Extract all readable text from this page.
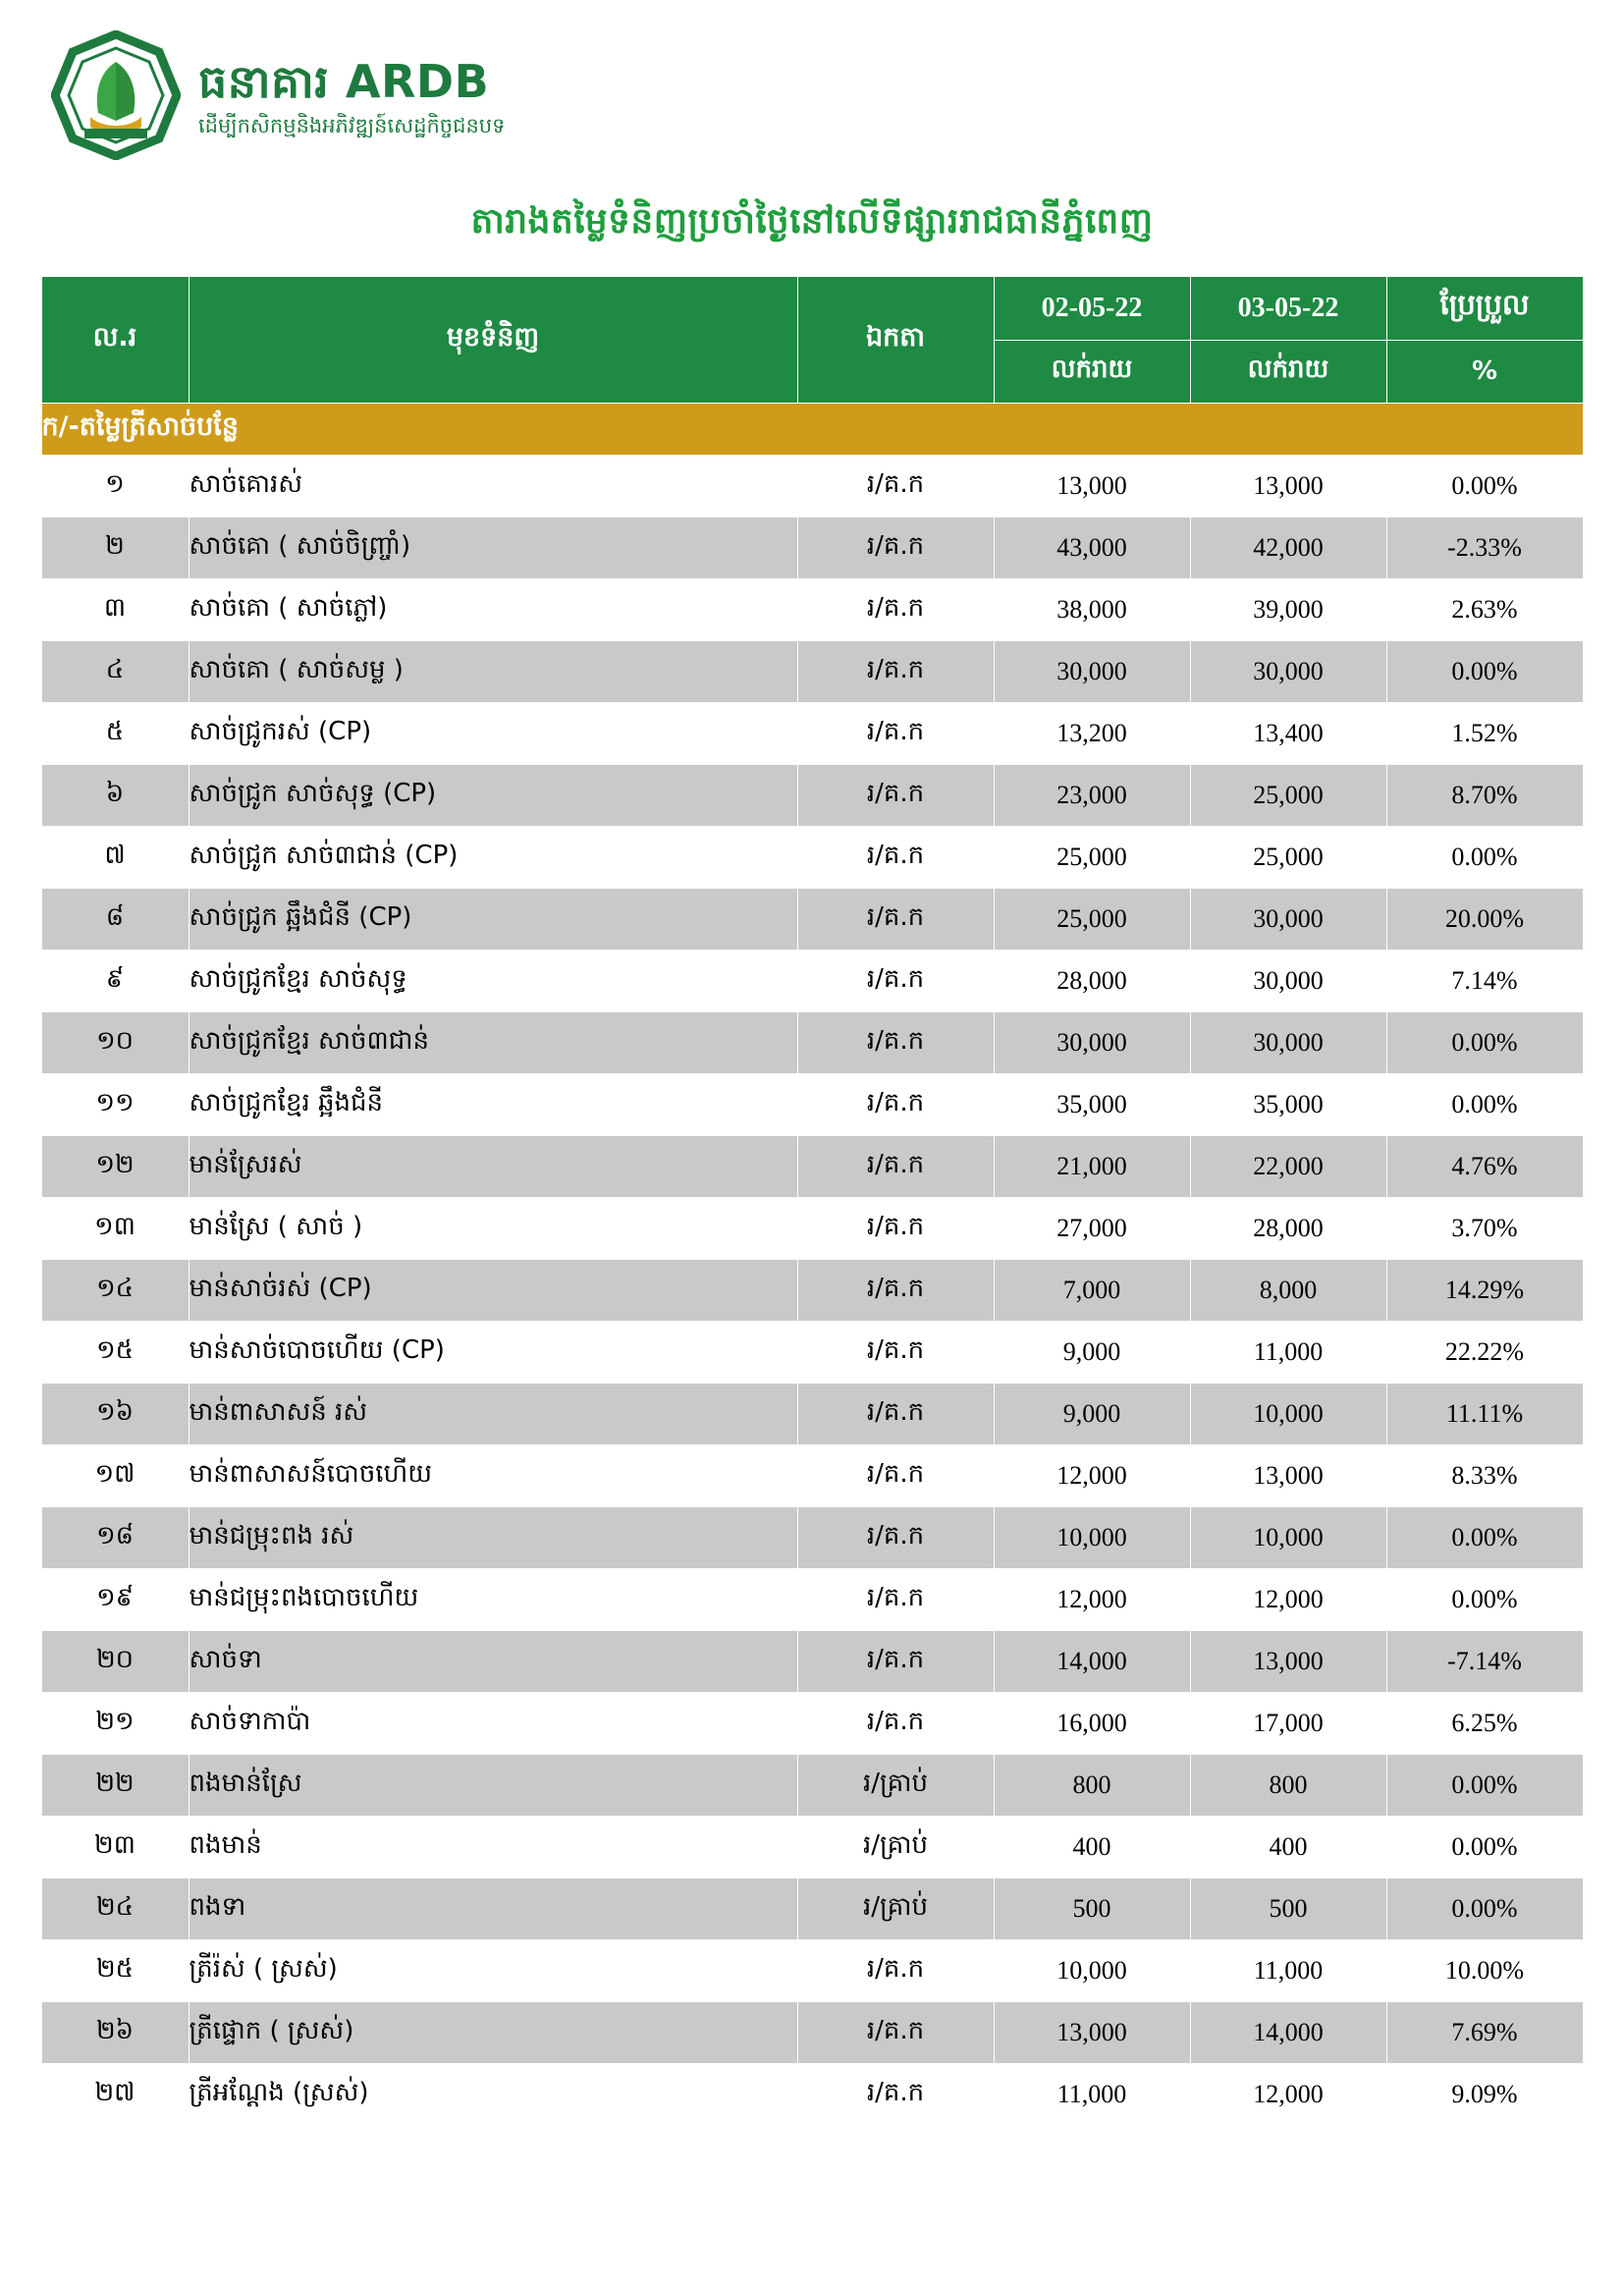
ធនាគារ ARDB
ដើម្បីកសិកម្មនិងអភិវឌ្ឍន៍សេដ្ឋកិច្ចជនបទ
តារាងតម្លៃទំនិញប្រចាំថ្ងៃនៅលើទីផ្សាររាជធានីភ្នំពេញ
ល.រ	មុខទំនិញ	ឯកតា	02-05-22	03-05-22	ប្រែប្រួល
			លក់រាយ	លក់រាយ	%
ក/-តម្លៃត្រីសាច់បន្លែ					
១	សាច់គោរស់	រ/គ.ក	13,000	13,000	0.00%
២	សាច់គោ ( សាច់ចិញ្ច្រាំ)	រ/គ.ក	43,000	42,000	-2.33%
៣	សាច់គោ ( សាច់ភ្លៅ)	រ/គ.ក	38,000	39,000	2.63%
៤	សាច់គោ ( សាច់សម្ល )	រ/គ.ក	30,000	30,000	0.00%
៥	សាច់ជ្រូករស់ (CP)	រ/គ.ក	13,200	13,400	1.52%
៦	សាច់ជ្រូក សាច់សុទ្ធ (CP)	រ/គ.ក	23,000	25,000	8.70%
៧	សាច់ជ្រូក សាច់៣ជាន់ (CP)	រ/គ.ក	25,000	25,000	0.00%
៨	សាច់ជ្រូក ឆ្អឹងជំនី (CP)	រ/គ.ក	25,000	30,000	20.00%
៩	សាច់ជ្រូកខ្មែរ សាច់សុទ្ធ	រ/គ.ក	28,000	30,000	7.14%
១០	សាច់ជ្រូកខ្មែរ សាច់៣ជាន់	រ/គ.ក	30,000	30,000	0.00%
១១	សាច់ជ្រូកខ្មែរ ឆ្អឹងជំនី	រ/គ.ក	35,000	35,000	0.00%
១២	មាន់ស្រែរស់	រ/គ.ក	21,000	22,000	4.76%
១៣	មាន់ស្រែ ( សាច់ )	រ/គ.ក	27,000	28,000	3.70%
១៤	មាន់សាច់រស់ (CP)	រ/គ.ក	7,000	8,000	14.29%
១៥	មាន់សាច់បោចហើយ (CP)	រ/គ.ក	9,000	11,000	22.22%
១៦	មាន់ពាសាសន៍ រស់	រ/គ.ក	9,000	10,000	11.11%
១៧	មាន់ពាសាសន៍បោចហើយ	រ/គ.ក	12,000	13,000	8.33%
១៨	មាន់ជម្រុះពង រស់	រ/គ.ក	10,000	10,000	0.00%
១៩	មាន់ជម្រុះពងបោចហើយ	រ/គ.ក	12,000	12,000	0.00%
២០	សាច់ទា	រ/គ.ក	14,000	13,000	-7.14%
២១	សាច់ទាកាប៉ា	រ/គ.ក	16,000	17,000	6.25%
២២	ពងមាន់ស្រែ	រ/គ្រាប់	800	800	0.00%
២៣	ពងមាន់	រ/គ្រាប់	400	400	0.00%
២៤	ពងទា	រ/គ្រាប់	500	500	0.00%
២៥	ត្រីរ៉ស់ ( ស្រស់)	រ/គ.ក	10,000	11,000	10.00%
២៦	ត្រីផ្ទោក ( ស្រស់)	រ/គ.ក	13,000	14,000	7.69%
២៧	ត្រីអណ្តែង (ស្រស់)	រ/គ.ក	11,000	12,000	9.09%
